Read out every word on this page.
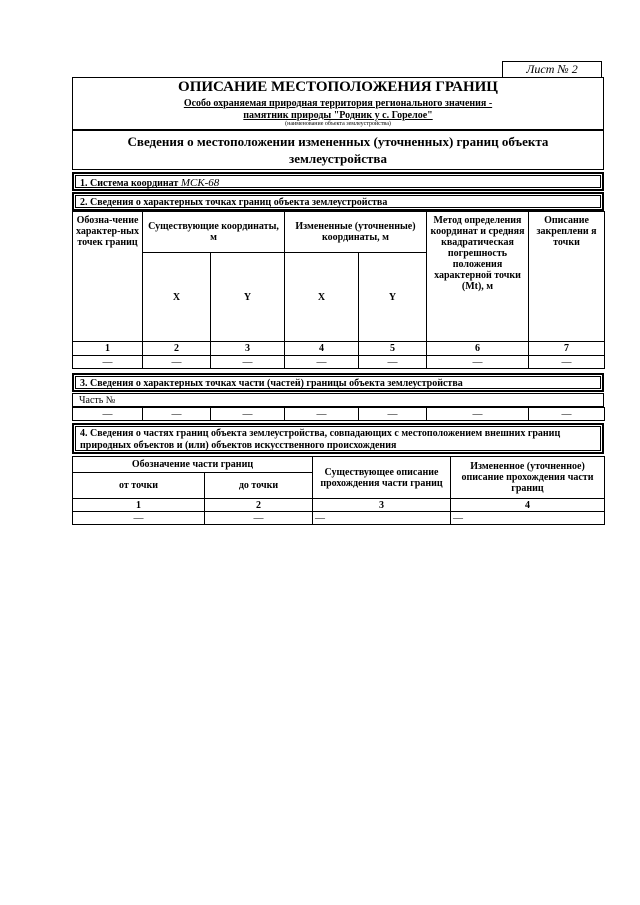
Лист № 2
ОПИСАНИЕ МЕСТОПОЛОЖЕНИЯ ГРАНИЦ
Особо охраняемая природная территория регионального значения -
памятник природы "Родник у с. Горелое"
(наименование объекта землеустройства)
Сведения о местоположении измененных (уточненных) границ объекта землеустройства
1. Система координат МСК-68
2. Сведения о характерных точках границ объекта землеустройства
Обозна-чение характер-ных точек границ	Существующие координаты, м		Измененные (уточненные) координаты, м		Метод определения координат и средняя квадратическая погрешность положения характерной точки (Mt), м	Описание закреплени я точки
	X	Y	X	Y		
1	2	3	4	5	6	7
—	—	—	—	—	—	—
3. Сведения о характерных точках части (частей) границы объекта землеустройства
Часть №
—	—	—	—	—	—	—
4. Сведения о частях границ объекта землеустройства, совпадающих с местоположением внешних границ природных объектов и (или) объектов искусственного происхождения
Обозначение части границ		Существующее описание прохождения части границ	Измененное (уточненное) описание прохождения части границ
от точки	до точки		
1	2	3	4
—	—	—	—
